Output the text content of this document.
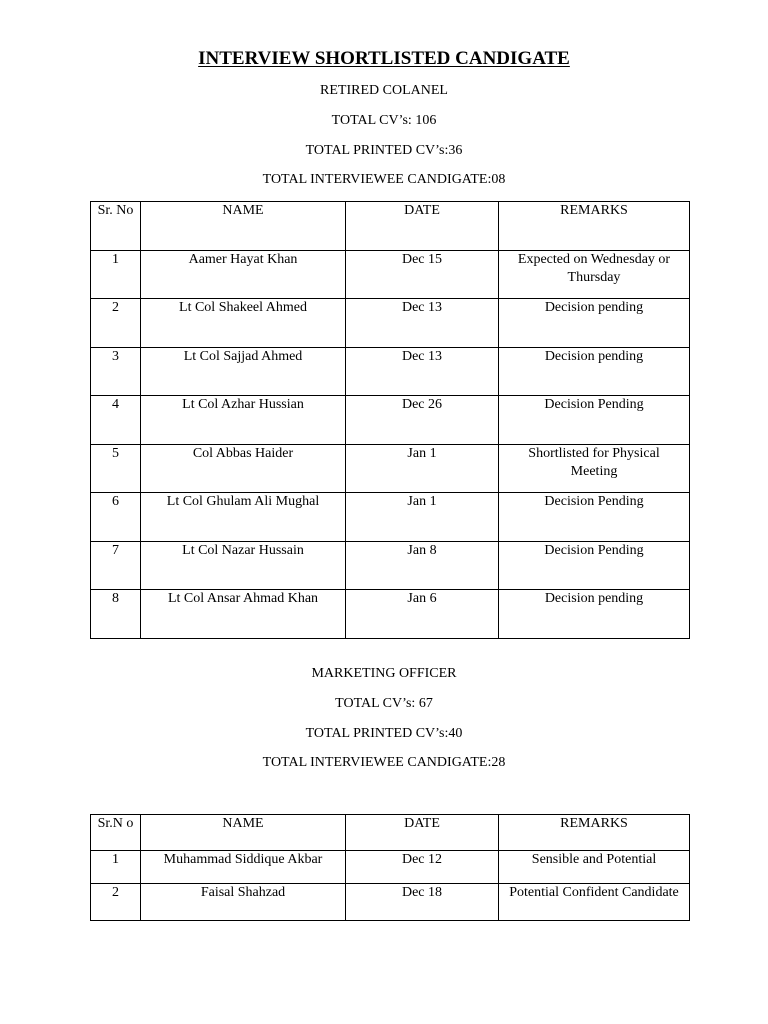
INTERVIEW SHORTLISTED CANDIGATE
RETIRED COLANEL
TOTAL CV’s: 106
TOTAL PRINTED CV’s:36
TOTAL INTERVIEWEE CANDIGATE:08
Sr. No	NAME	DATE	REMARKS
1	Aamer Hayat Khan	Dec 15	Expected on Wednesday or Thursday
2	Lt Col Shakeel Ahmed	Dec 13	Decision pending
3	Lt Col Sajjad Ahmed	Dec 13	Decision pending
4	Lt Col Azhar Hussian	Dec 26	Decision Pending
5	Col Abbas Haider	Jan 1	Shortlisted for Physical Meeting
6	Lt Col Ghulam Ali Mughal	Jan 1	Decision Pending
7	Lt Col Nazar Hussain	Jan 8	Decision Pending
8	Lt Col Ansar Ahmad Khan	Jan 6	Decision pending
MARKETING OFFICER
TOTAL CV’s: 67
TOTAL PRINTED CV’s:40
TOTAL INTERVIEWEE CANDIGATE:28
Sr.N o	NAME	DATE	REMARKS
1	Muhammad Siddique Akbar	Dec 12	Sensible and Potential
2	Faisal Shahzad	Dec 18	Potential Confident Candidate
